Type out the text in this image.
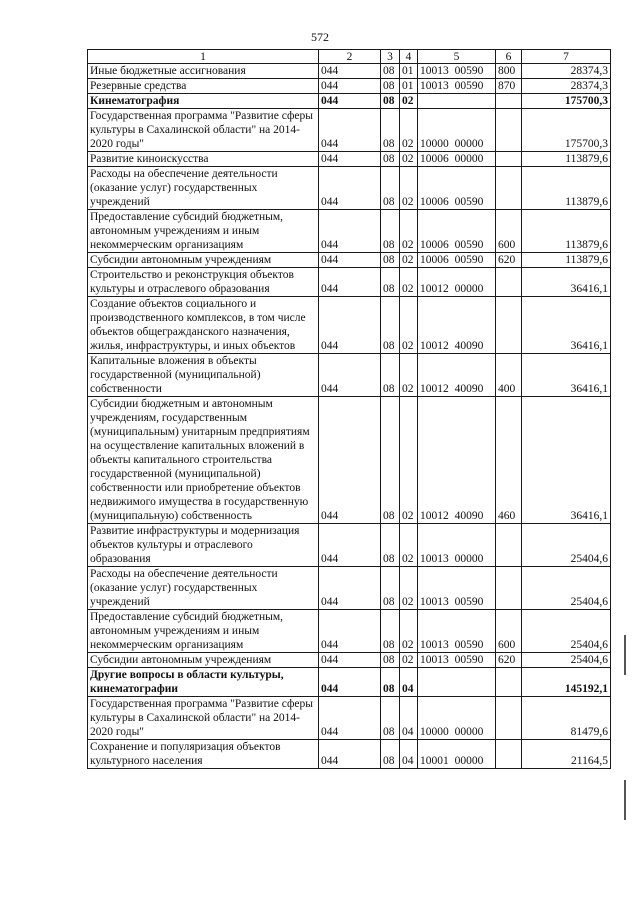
572
1	2	3	4	5	6	7
Иные бюджетные ассигнования	044	08	01	10013 00590	800	28374,3
Резервные средства	044	08	01	10013 00590	870	28374,3
Кинематография	044	08	02			175700,3
Государственная программа "Развитие сферы культуры в Сахалинской области" на 2014-2020 годы"	044	08	02	10000 00000		175700,3
Развитие киноискусства	044	08	02	10006 00000		113879,6
Расходы на обеспечение деятельности (оказание услуг) государственных учреждений	044	08	02	10006 00590		113879,6
Предоставление субсидий бюджетным, автономным учреждениям и иным некоммерческим организациям	044	08	02	10006 00590	600	113879,6
Субсидии автономным учреждениям	044	08	02	10006 00590	620	113879,6
Строительство и реконструкция объектов культуры и отраслевого образования	044	08	02	10012 00000		36416,1
Создание объектов социального и производственного комплексов, в том числе объектов общегражданского назначения, жилья, инфраструктуры, и иных объектов	044	08	02	10012 40090		36416,1
Капитальные вложения в объекты государственной (муниципальной) собственности	044	08	02	10012 40090	400	36416,1
Субсидии бюджетным и автономным учреждениям, государственным (муниципальным) унитарным предприятиям на осуществление капитальных вложений в объекты капитального строительства государственной (муниципальной) собственности или приобретение объектов недвижимого имущества в государственную (муниципальную) собственность	044	08	02	10012 40090	460	36416,1
Развитие инфраструктуры и модернизация объектов культуры и отраслевого образования	044	08	02	10013 00000		25404,6
Расходы на обеспечение деятельности (оказание услуг) государственных учреждений	044	08	02	10013 00590		25404,6
Предоставление субсидий бюджетным, автономным учреждениям и иным некоммерческим организациям	044	08	02	10013 00590	600	25404,6
Субсидии автономным учреждениям	044	08	02	10013 00590	620	25404,6
Другие вопросы в области культуры, кинематографии	044	08	04			145192,1
Государственная программа "Развитие сферы культуры в Сахалинской области" на 2014-2020 годы"	044	08	04	10000 00000		81479,6
Сохранение и популяризация объектов культурного населения	044	08	04	10001 00000		21164,5
